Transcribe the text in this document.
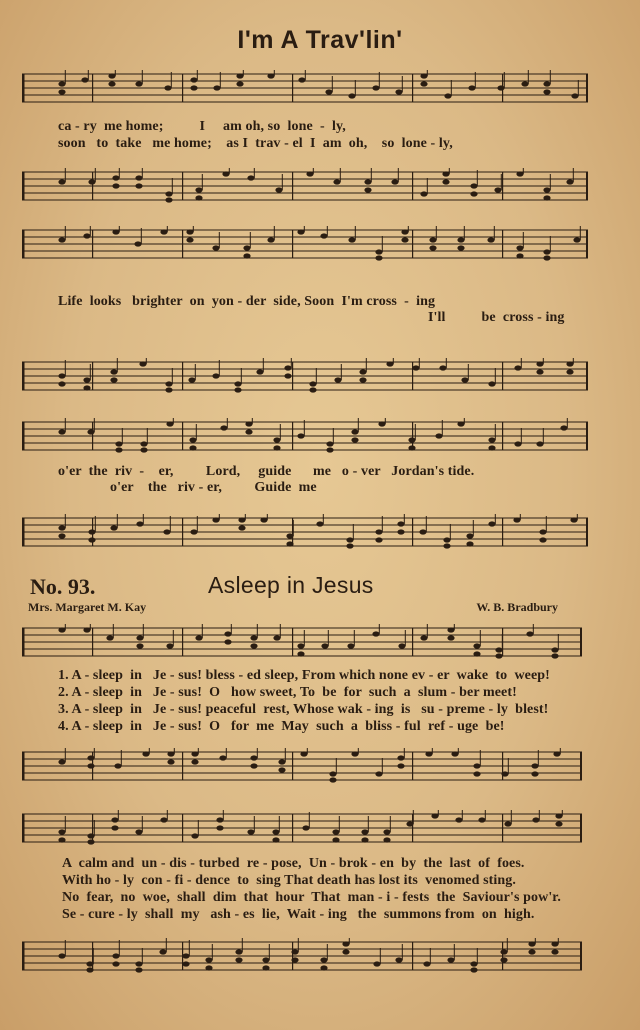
I'm A Trav'lin'
ca - ry  me home;          I     am oh, so  lone  -  ly,
soon   to  take   me home;    as I  trav - el  I  am  oh,    so  lone - ly,
Life  looks   brighter  on  yon - der  side, Soon  I'm cross  -  ing
I'll          be  cross - ing
o'er  the  riv  -    er,         Lord,     guide      me   o - ver   Jordan's tide.
o'er    the   riv - er,         Guide  me
No. 93.	Asleep in Jesus
Mrs. Margaret M. Kay	W. B. Bradbury
1. A - sleep  in   Je - sus! bless - ed sleep, From which none ev - er  wake  to  weep!
2. A - sleep  in   Je - sus!  O   how sweet, To  be  for  such  a  slum - ber meet!
3. A - sleep  in   Je - sus! peaceful  rest, Whose wak - ing  is   su - preme - ly  blest!
4. A - sleep  in   Je - sus!  O   for  me  May  such  a  bliss - ful  ref - uge  be!
A  calm and  un - dis - turbed  re - pose,  Un - brok - en  by  the  last  of  foes.
With ho - ly  con - fi - dence  to  sing That death has lost its  venomed sting.
No  fear,  no  woe,  shall  dim  that  hour  That  man - i - fests  the  Saviour's pow'r.
Se - cure - ly  shall  my   ash - es  lie,  Wait - ing   the  summons from  on  high.
